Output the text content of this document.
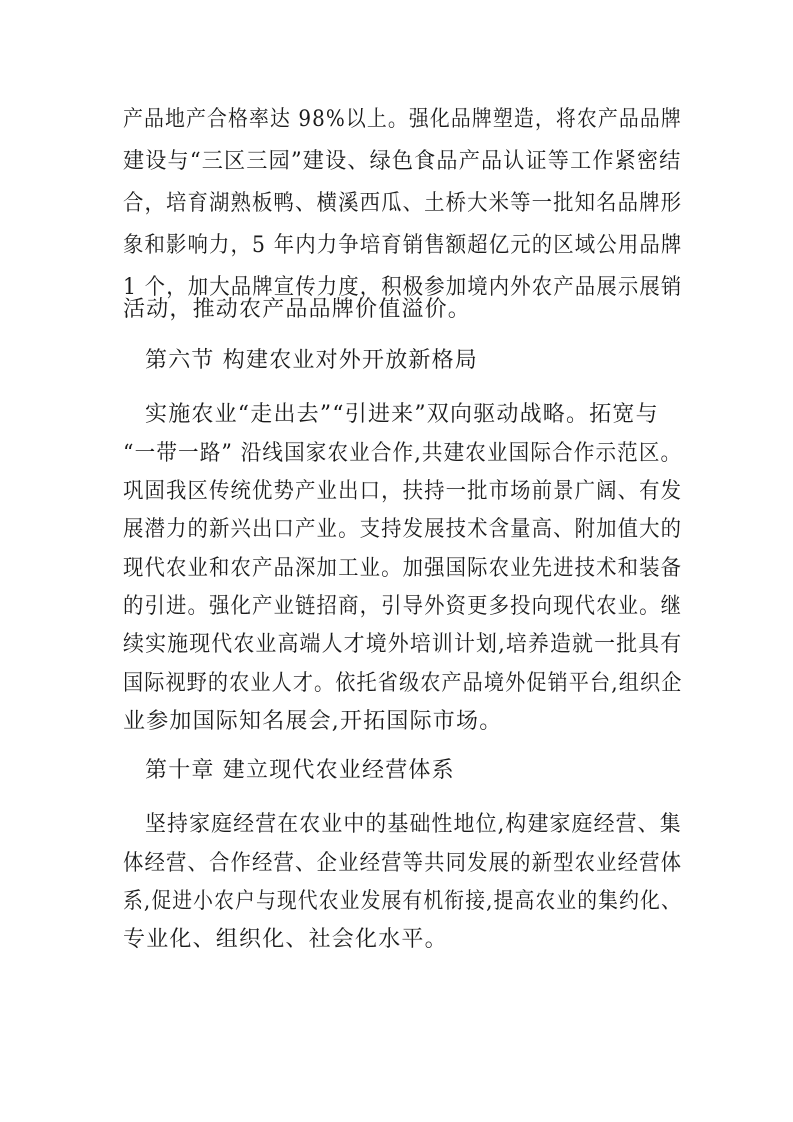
产品地产合格率达 98%以上。强化品牌塑造，将农产品品牌
建设与“三区三园”建设、绿色食品产品认证等工作紧密结
合，培育湖熟板鸭、横溪西瓜、土桥大米等一批知名品牌形
象和影响力，5 年内力争培育销售额超亿元的区域公用品牌
1 个，加大品牌宣传力度，积极参加境内外农产品展示展销
活动，推动农产品品牌价值溢价。
第六节 构建农业对外开放新格局
实施农业“走出去”“引进来”双向驱动战略。拓宽与
“一带一路” 沿线国家农业合作,共建农业国际合作示范区。
巩固我区传统优势产业出口，扶持一批市场前景广阔、有发
展潜力的新兴出口产业。支持发展技术含量高、附加值大的
现代农业和农产品深加工业。加强国际农业先进技术和装备
的引进。强化产业链招商，引导外资更多投向现代农业。继
续实施现代农业高端人才境外培训计划,培养造就一批具有
国际视野的农业人才。依托省级农产品境外促销平台,组织企
业参加国际知名展会,开拓国际市场。
第十章 建立现代农业经营体系
坚持家庭经营在农业中的基础性地位,构建家庭经营、集
体经营、合作经营、企业经营等共同发展的新型农业经营体
系,促进小农户与现代农业发展有机衔接,提高农业的集约化、
专业化、组织化、社会化水平。
